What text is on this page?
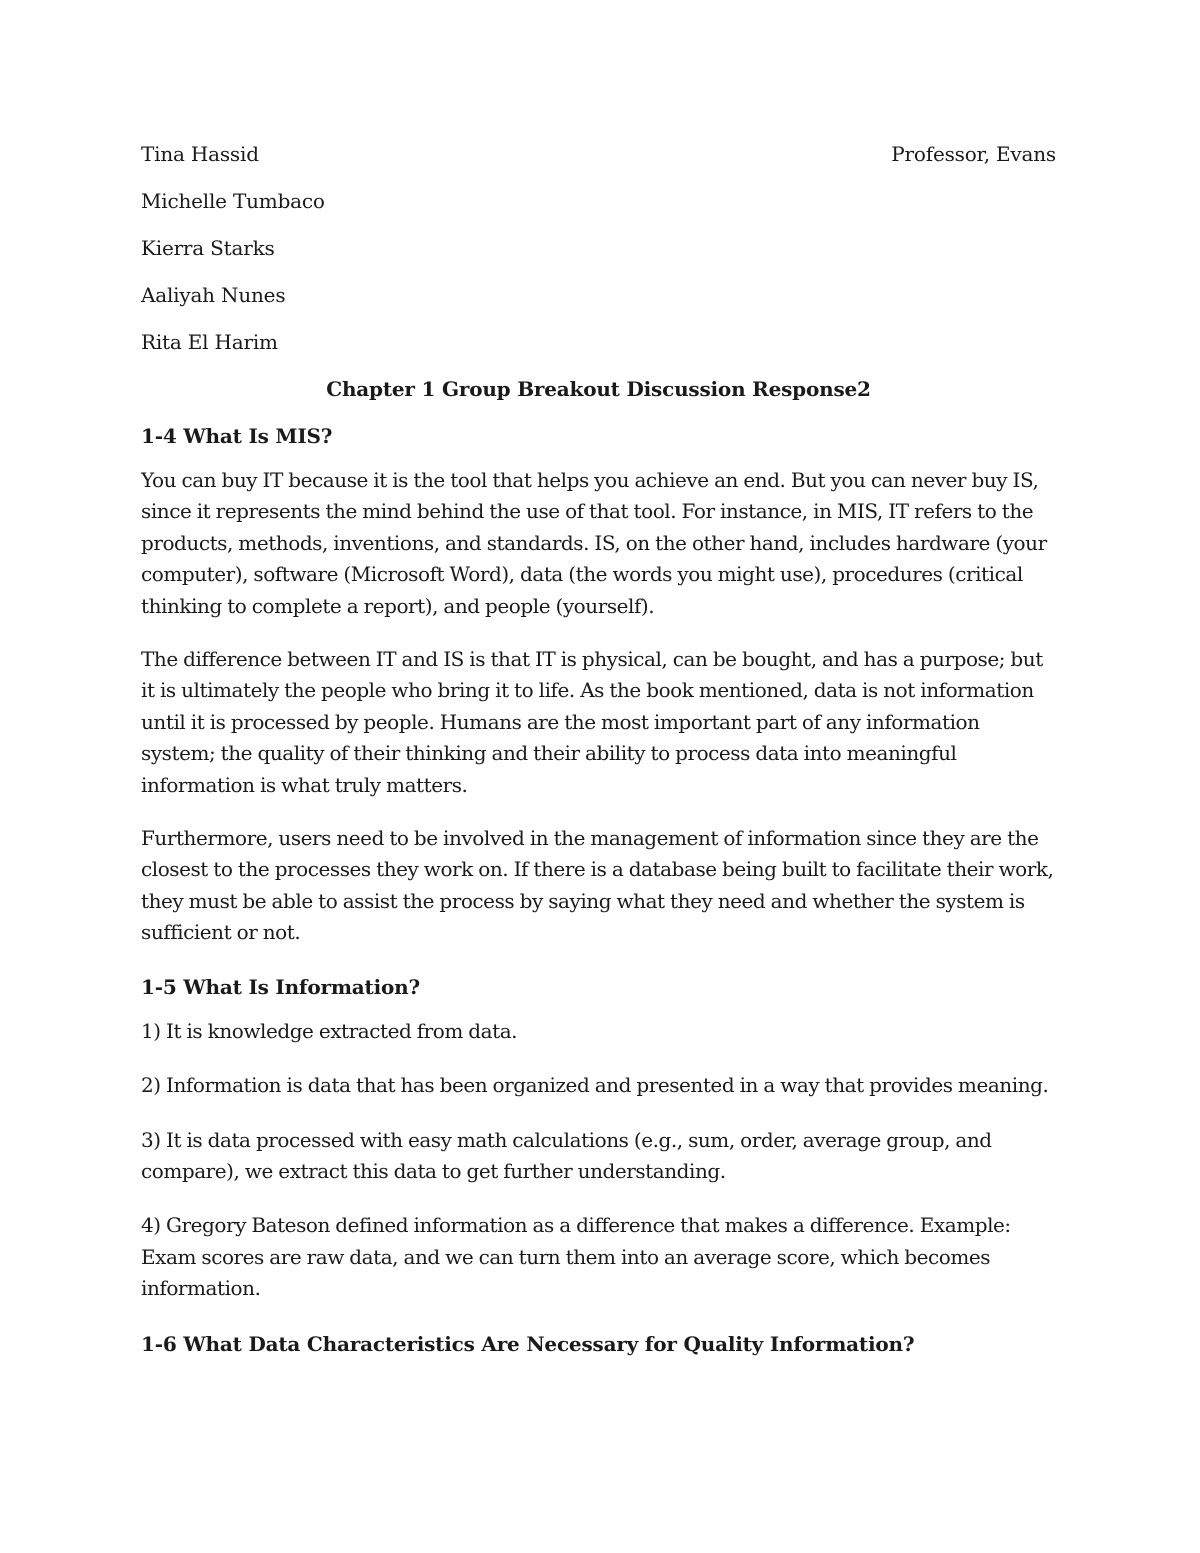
Tina Hassid	Professor, Evans
Michelle Tumbaco
Kierra Starks
Aaliyah Nunes
Rita El Harim
Chapter 1 Group Breakout Discussion Response2
1-4 What Is MIS?

You can buy IT because it is the tool that helps you achieve an end. But you can never buy IS, since it represents the mind behind the use of that tool. For instance, in MIS, IT refers to the products, methods, inventions, and standards. IS, on the other hand, includes hardware (your computer), software (Microsoft Word), data (the words you might use), procedures (critical thinking to complete a report), and people (yourself).

The difference between IT and IS is that IT is physical, can be bought, and has a purpose; but it is ultimately the people who bring it to life. As the book mentioned, data is not information until it is processed by people. Humans are the most important part of any information system; the quality of their thinking and their ability to process data into meaningful information is what truly matters.

Furthermore, users need to be involved in the management of information since they are the closest to the processes they work on. If there is a database being built to facilitate their work, they must be able to assist the process by saying what they need and whether the system is sufficient or not.

1-5 What Is Information?

1) It is knowledge extracted from data.

2) Information is data that has been organized and presented in a way that provides meaning.

3) It is data processed with easy math calculations (e.g., sum, order, average group, and compare), we extract this data to get further understanding.

4) Gregory Bateson defined information as a difference that makes a difference. Example: Exam scores are raw data, and we can turn them into an average score, which becomes information.

1-6 What Data Characteristics Are Necessary for Quality Information?
